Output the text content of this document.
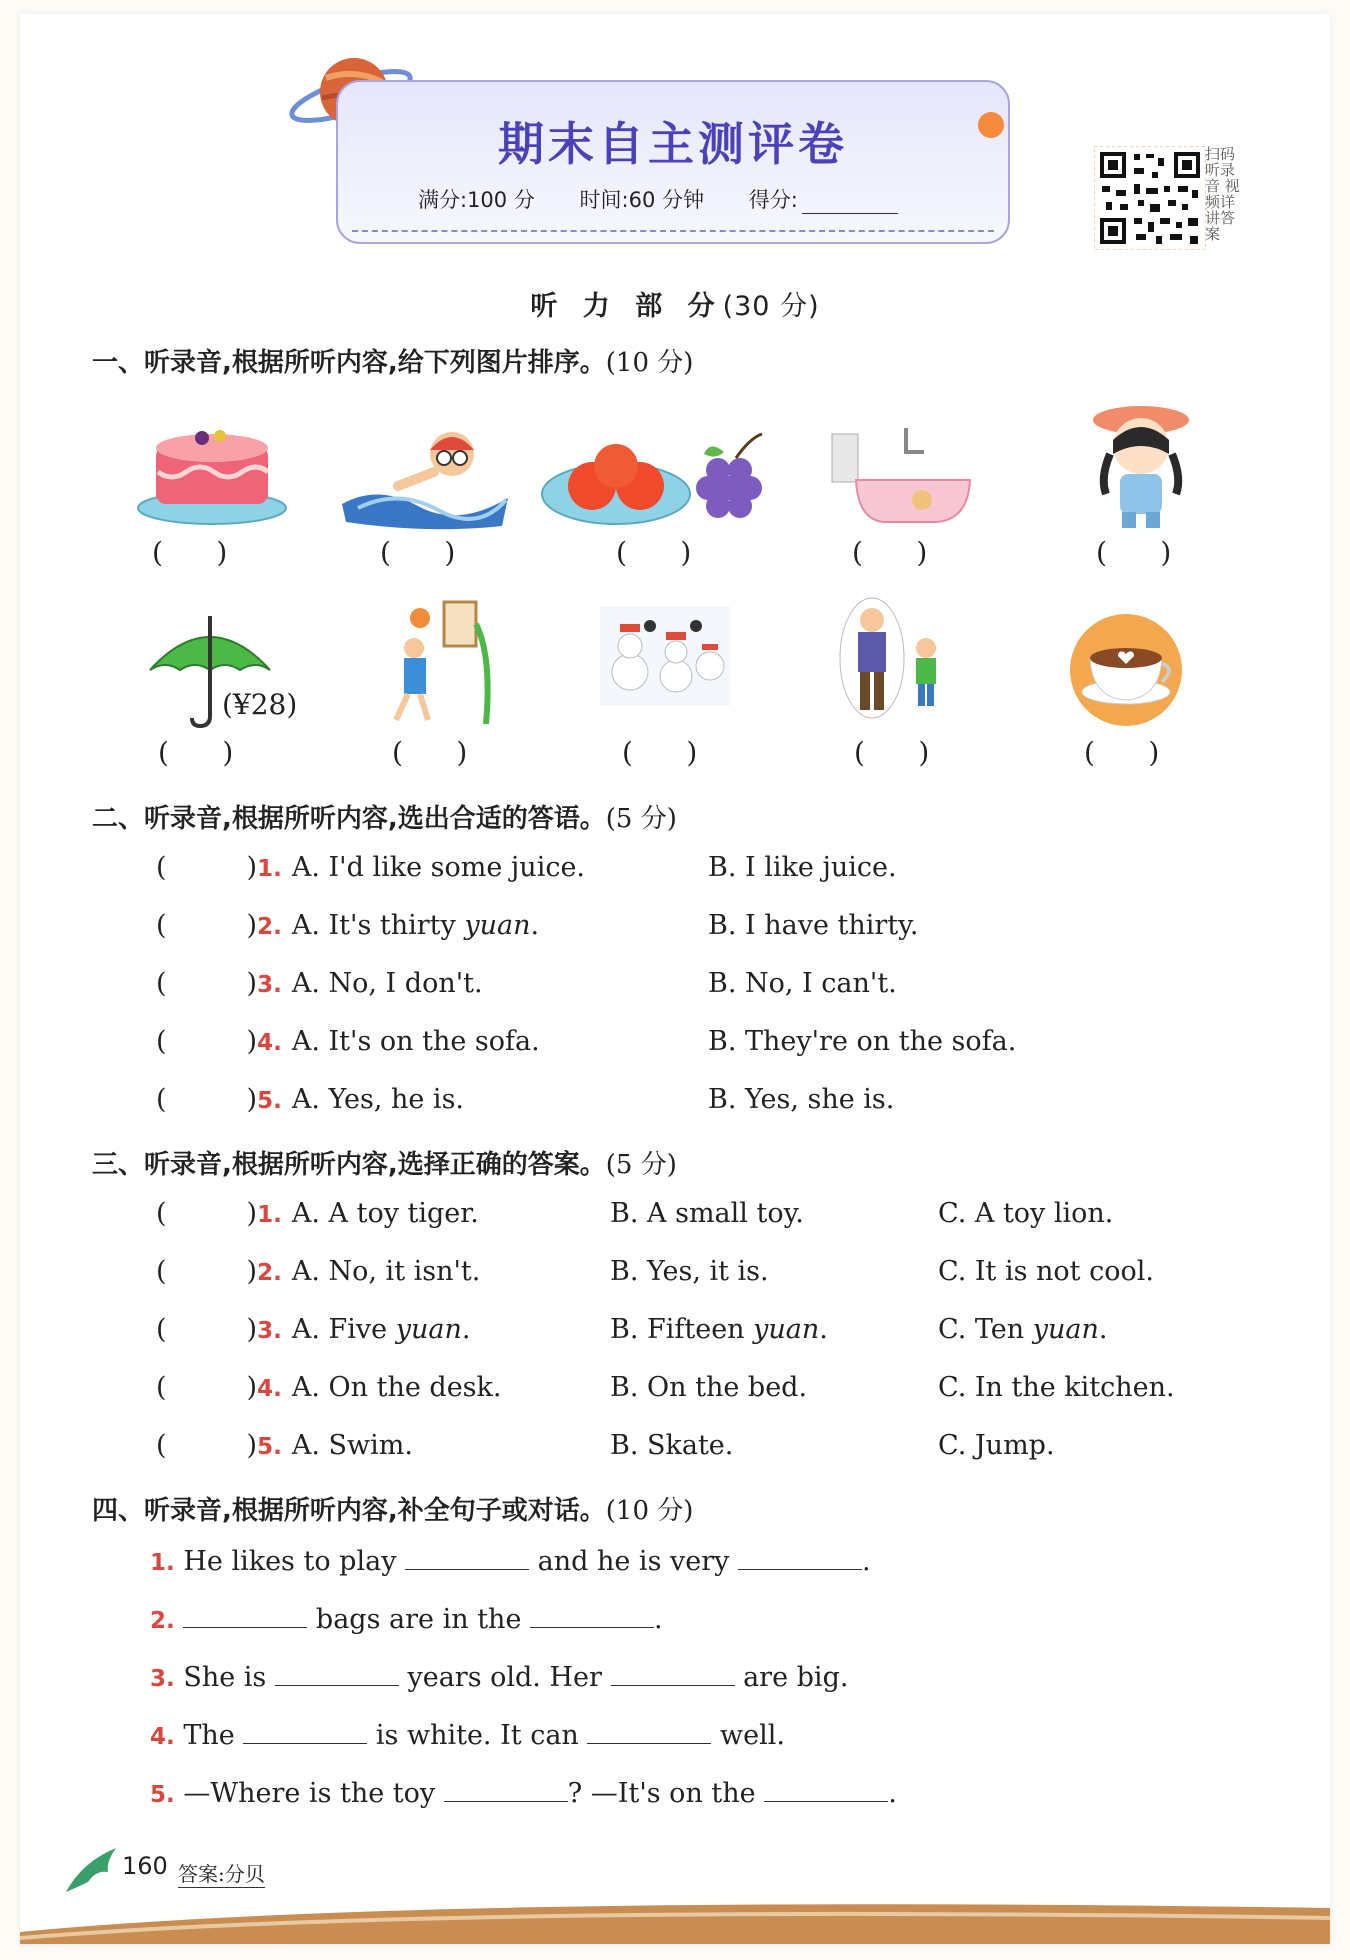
期末自主测评卷
满分:100 分 时间:60 分钟 得分:
扫码听录音 视频详讲答案
听 力 部 分(30 分)
一、听录音,根据所听内容,给下列图片排序。(10 分)
(      )	(      )	(      )	(      )	(      )
(¥28)
(      )	(      )	(      )	(      )	(      )
二、听录音,根据所听内容,选出合适的答语。(5 分)
(	)1. A. I'd like some juice.	B. I like juice.
(	)2. A. It's thirty yuan.	B. I have thirty.
(	)3. A. No, I don't.	B. No, I can't.
(	)4. A. It's on the sofa.	B. They're on the sofa.
(	)5. A. Yes, he is.	B. Yes, she is.
三、听录音,根据所听内容,选择正确的答案。(5 分)
(	)1. A. A toy tiger.	B. A small toy.	C. A toy lion.
(	)2. A. No, it isn't.	B. Yes, it is.	C. It is not cool.
(	)3. A. Five yuan.	B. Fifteen yuan.	C. Ten yuan.
(	)4. A. On the desk.	B. On the bed.	C. In the kitchen.
(	)5. A. Swim.	B. Skate.	C. Jump.
四、听录音,根据所听内容,补全句子或对话。(10 分)
1. He likes to play	and he is very	.
2.	bags are in the	.
3. She is	years old. Her	are big.
4. The	is white. It can	well.
5. —Where is the toy	? —It's on the	.
160 答案:分贝
